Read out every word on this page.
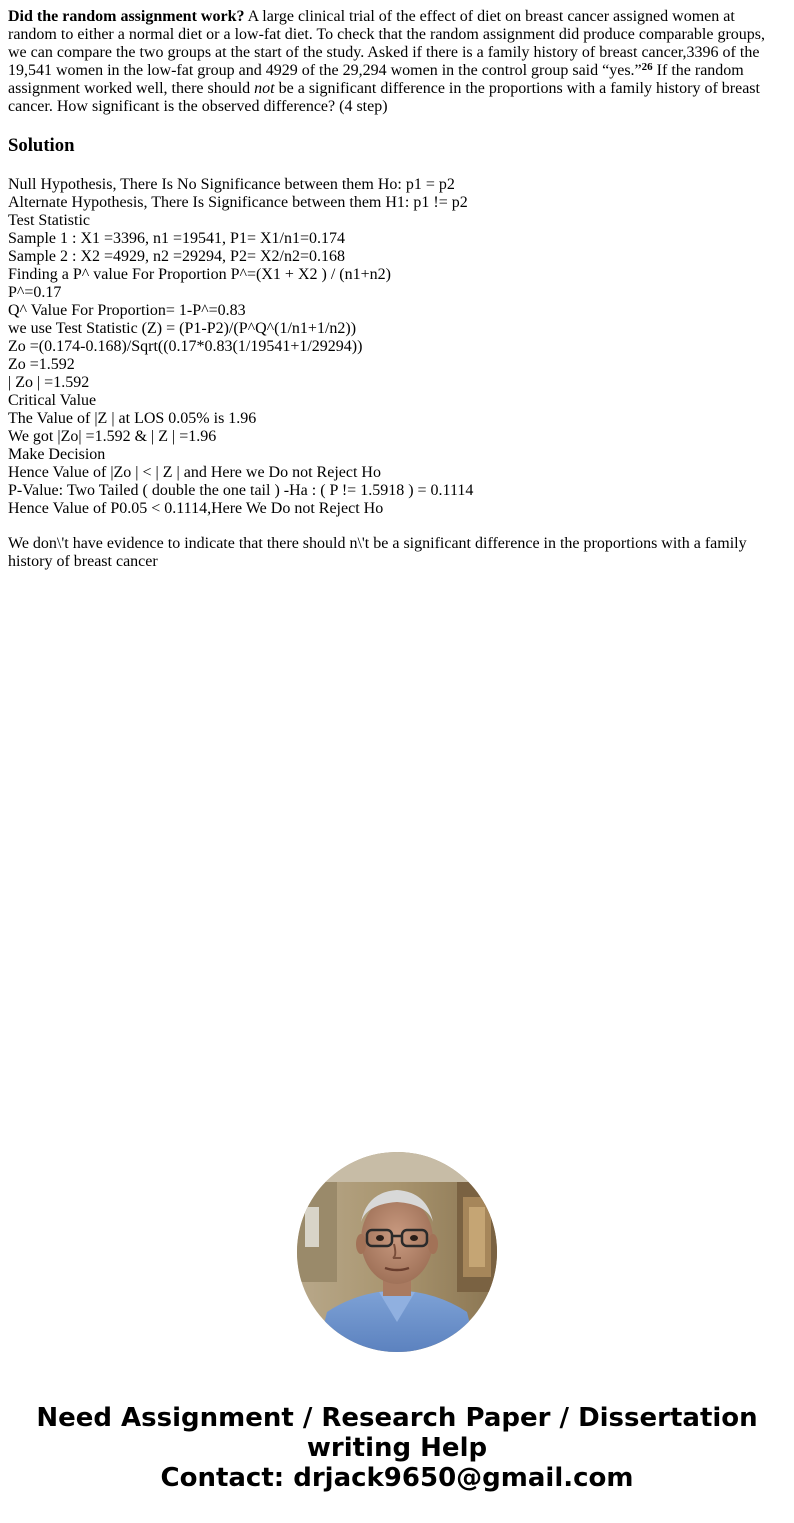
Did the random assignment work? A large clinical trial of the effect of diet on breast cancer assigned women at random to either a normal diet or a low-fat diet. To check that the random assignment did produce comparable groups, we can compare the two groups at the start of the study. Asked if there is a family history of breast cancer,3396 of the 19,541 women in the low-fat group and 4929 of the 29,294 women in the control group said “yes.”$^{26}$ If the random assignment worked well, there should not be a significant difference in the proportions with a family history of breast cancer. How significant is the observed difference? (4 step)

Solution
Null Hypothesis, There Is No Significance between them Ho: p1 = p2
Alternate Hypothesis, There Is Significance between them H1: p1 != p2
Test Statistic
Sample 1 : X1 =3396, n1 =19541, P1= X1/n1=0.174
Sample 2 : X2 =4929, n2 =29294, P2= X2/n2=0.168
Finding a P^ value For Proportion P^=(X1 + X2 ) / (n1+n2)
P^=0.17
Q^ Value For Proportion= 1-P^=0.83
we use Test Statistic (Z) = (P1-P2)/(P^Q^(1/n1+1/n2))
Zo =(0.174-0.168)/Sqrt((0.17*0.83(1/19541+1/29294))
Zo =1.592
| Zo | =1.592
Critical Value
The Value of |Z | at LOS 0.05% is 1.96
We got |Zo| =1.592 & | Z | =1.96
Make Decision
Hence Value of |Zo | < | Z | and Here we Do not Reject Ho
P-Value: Two Tailed ( double the one tail ) -Ha : ( P != 1.5918 ) = 0.1114
Hence Value of P0.05 < 0.1114,Here We Do not Reject Ho

We don\'t have evidence to indicate that there should n\'t be a significant difference in the proportions with a family history of breast cancer

Need Assignment / Research Paper / Dissertation
writing Help
Contact: drjack9650@gmail.com
